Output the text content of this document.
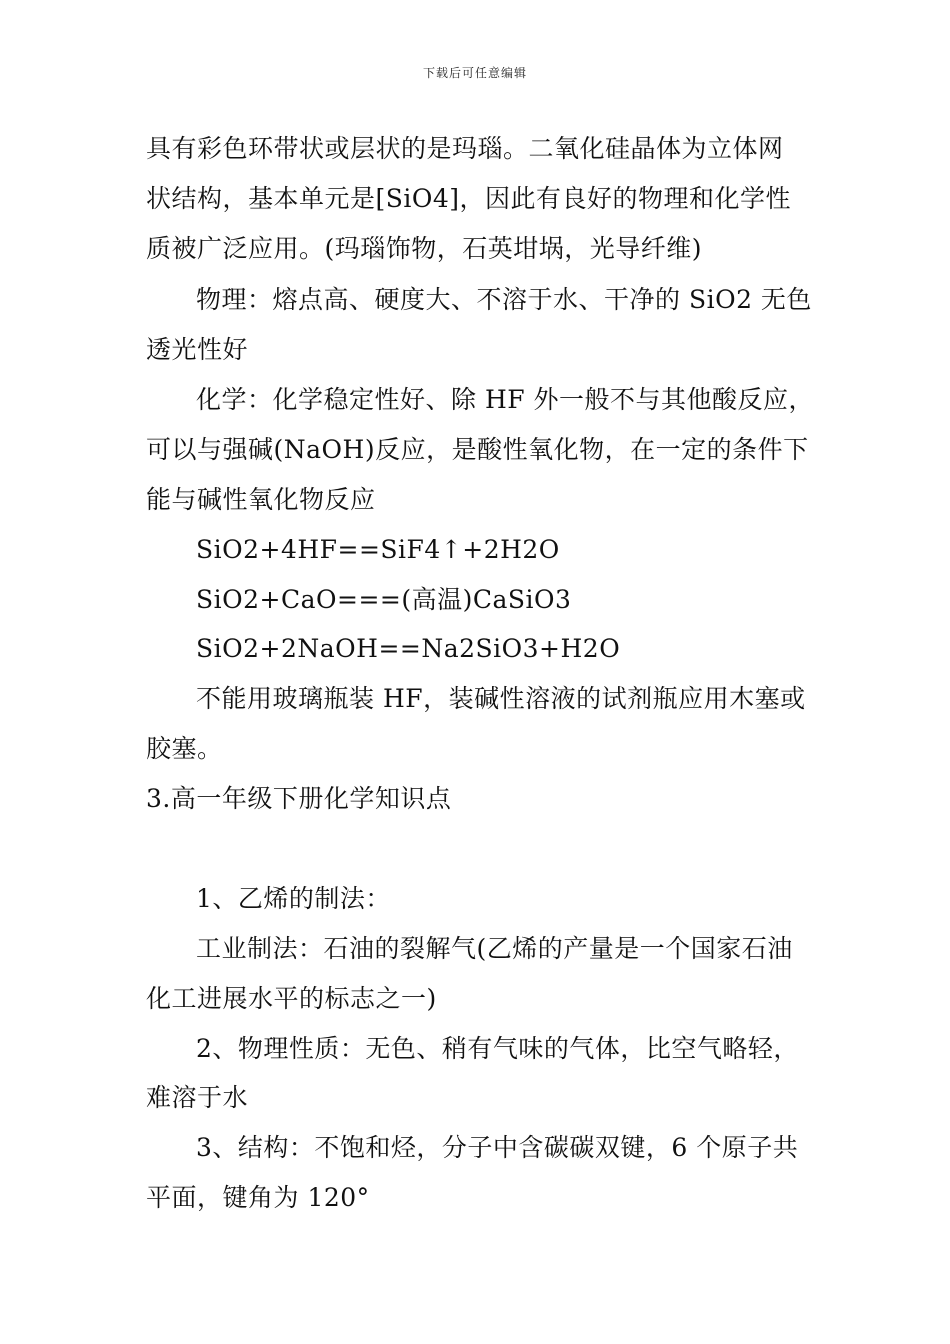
下载后可任意编辑
具有彩色环带状或层状的是玛瑙。二氧化硅晶体为立体网
状结构，基本单元是[SiO4]，因此有良好的物理和化学性
质被广泛应用。(玛瑙饰物，石英坩埚，光导纤维)
物理：熔点高、硬度大、不溶于水、干净的 SiO2 无色
透光性好
化学：化学稳定性好、除 HF 外一般不与其他酸反应，
可以与强碱(NaOH)反应，是酸性氧化物，在一定的条件下
能与碱性氧化物反应
SiO2+4HF==SiF4↑+2H2O
SiO2+CaO===(高温)CaSiO3
SiO2+2NaOH==Na2SiO3+H2O
不能用玻璃瓶装 HF，装碱性溶液的试剂瓶应用木塞或
胶塞。
3.高一年级下册化学知识点
1、乙烯的制法：
工业制法：石油的裂解气(乙烯的产量是一个国家石油
化工进展水平的标志之一)
2、物理性质：无色、稍有气味的气体，比空气略轻，
难溶于水
3、结构：不饱和烃，分子中含碳碳双键，6 个原子共
平面，键角为 120°
